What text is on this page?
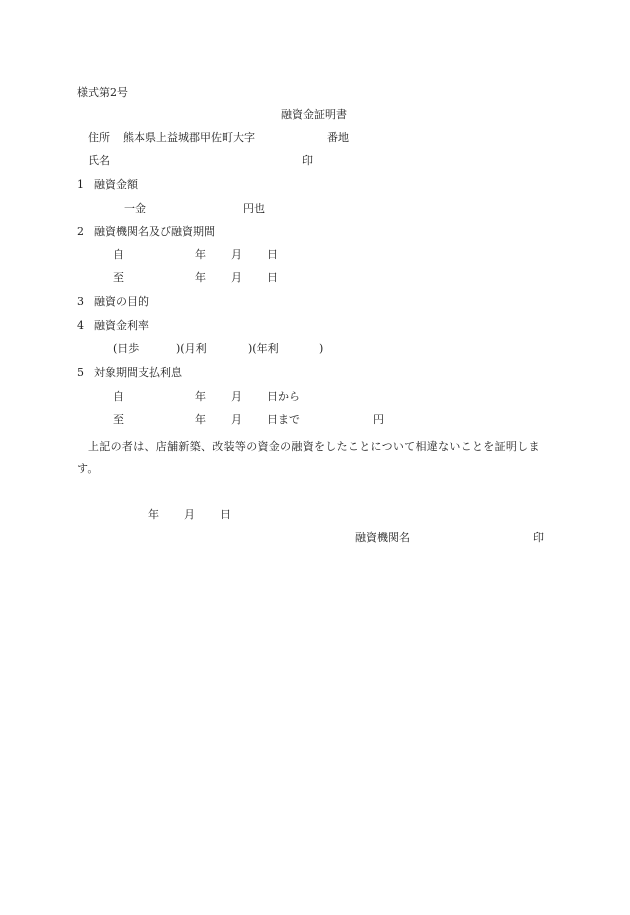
様式第2号
融資金証明書
住所 熊本県上益城郡甲佐町大字	番地
氏名	印
1 融資金額
一金	円也
2 融資機関名及び融資期間
自	年 月 日
至	年 月 日
3 融資の目的
4 融資金利率
(日歩	)(月利	)(年利	)
5 対象期間支払利息
自	年 月 日から
至	年 月 日まで	円
上記の者は、店舗新築、改装等の資金の融資をしたことについて相違ないことを証明します。
年 月 日
融資機関名	印
